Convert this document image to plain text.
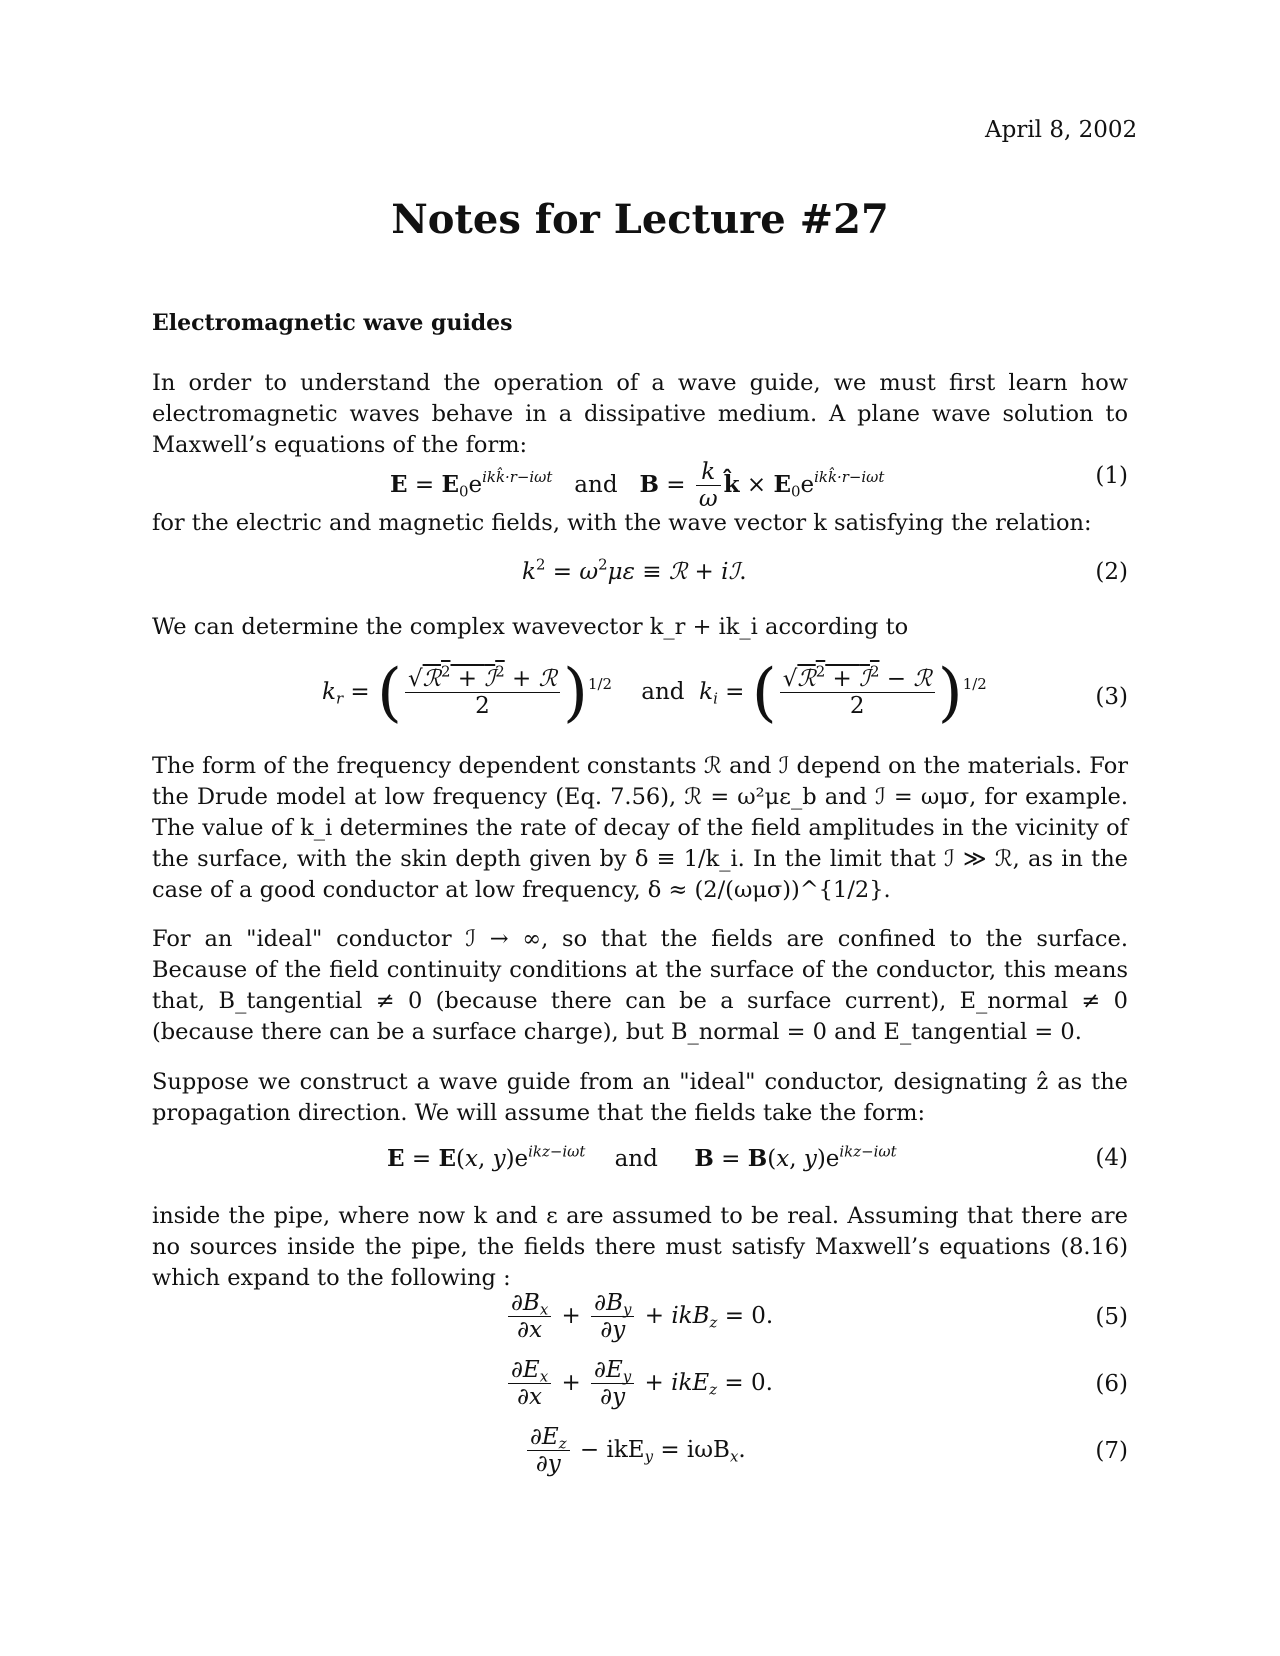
April 8, 2002
Notes for Lecture #27
Electromagnetic wave guides
In order to understand the operation of a wave guide, we must first learn how electromagnetic waves behave in a dissipative medium. A plane wave solution to Maxwell’s equations of the form:
$E = E_0e^{ikk̂\cdot r-i\omega t}$ and $B = \frac{k}{\omega}$ k̂ × $E_0e^{ikk̂\cdot r-i\omega t}$	(1)
for the electric and magnetic fields, with the wave vector k satisfying the relation:
$k^2 = \omega^2\mu\varepsilon$ ≡ ℛ + iℐ.	(2)
We can determine the complex wavevector k_r + ik_i according to
$k_r$ = ( $\frac{√ℛ^2 + ℐ^2 + ℛ}{2} )^{1/2}$ and $k_i$ = ( $\frac{√ℛ^2 + ℐ^2 - ℛ}{2} )^{1/2}$	(3)
The form of the frequency dependent constants ℛ and ℐ depend on the materials. For the Drude model at low frequency (Eq. 7.56), ℛ = ω²με_b and ℐ = ωμσ, for example. The value of k_i determines the rate of decay of the field amplitudes in the vicinity of the surface, with the skin depth given by δ ≡ 1/k_i. In the limit that ℐ ≫ ℛ, as in the case of a good conductor at low frequency, δ ≈ (2/(ωμσ))^{1/2}.
For an "ideal" conductor ℐ → ∞, so that the fields are confined to the surface. Because of the field continuity conditions at the surface of the conductor, this means that, B_tangential ≠ 0 (because there can be a surface current), E_normal ≠ 0 (because there can be a surface charge), but B_normal = 0 and E_tangential = 0.
Suppose we construct a wave guide from an "ideal" conductor, designating ẑ as the propagation direction. We will assume that the fields take the form:
E = E(x, $y)e^{ikz-i\omega t}$ and B = B(x, $y)e^{ikz-i\omega t}$	(4)
inside the pipe, where now k and ε are assumed to be real. Assuming that there are no sources inside the pipe, the fields there must satisfy Maxwell’s equations (8.16) which expand to the following :
$\frac{\partial B_x}{\partial x} + \frac{\partial B_y}{\partial y} + ikB_z = 0$.	(5)
$\frac{\partial E_x}{\partial x} + \frac{\partial E_y}{\partial y} + ikE_z = 0$.	(6)
$\frac{\partial E_z}{\partial y} - ikE_y = i\omega B_x$.	(7)
